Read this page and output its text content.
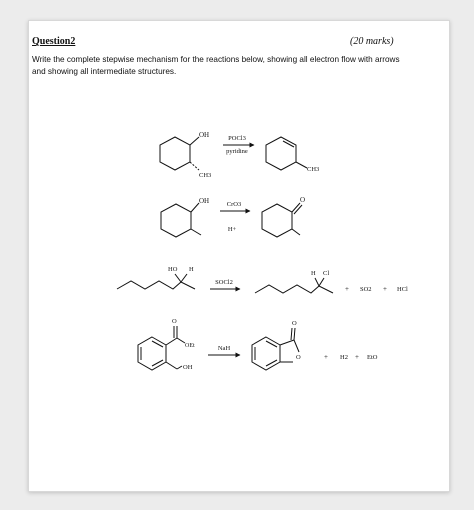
Question2	(20 marks)
Write the complete stepwise mechanism for the reactions below, showing all electron flow with arrows and showing all intermediate structures.
OH
CH3
POCl3
pyridine
CH3
OH	CrO3
H+
O
HO H
SOCl2
H Cl
+ SO2 + HCl
O
OEt
OH
NaH
O
O	+ H2 + EtO
